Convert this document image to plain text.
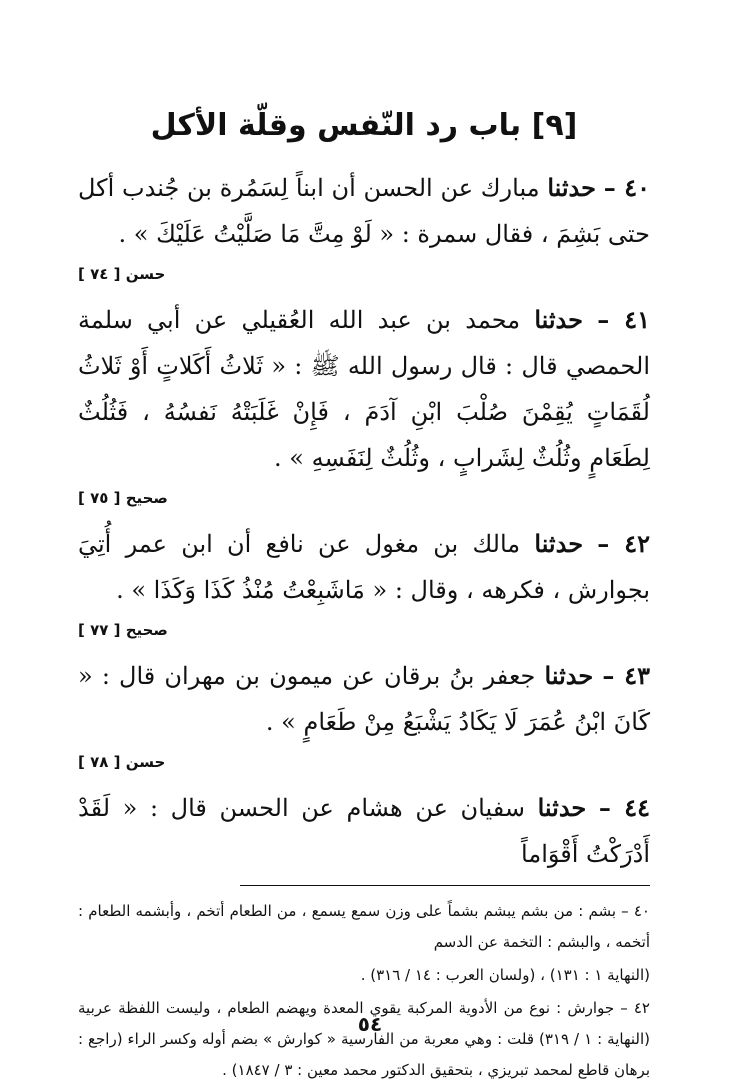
[٩] باب رد النّفس وقلّة الأكل

٤٠ – حدثنا مبارك عن الحسن أن ابناً لِسَمُرة بن جُندب أكل حتى بَشِمَ ، فقال سمرة : « لَوْ مِتَّ مَا صَلَّيْتُ عَلَيْكَ » .

حسن [ ٧٤ ]

٤١ – حدثنا محمد بن عبد الله العُقيلي عن أبي سلمة الحمصي قال : قال رسول الله ﷺ : « ثَلاثُ أَكَلاتٍ أَوْ ثَلاثُ لُقَمَاتٍ يُقِمْنَ صُلْبَ ابْنِ آدَمَ ، فَإِنْ غَلَبَتْهُ نَفسُهُ ، فَثُلُثٌ لِطَعَامٍ وثُلُثٌ لِشَرابٍ ، وثُلُثٌ لِنَفَسِهِ » .

صحيح [ ٧٥ ]

٤٢ – حدثنا مالك بن مغول عن نافع أن ابن عمر أُتِيَ بجوارش ، فكرهه ، وقال : « مَاشَبِعْتُ مُنْذُ كَذَا وَكَذَا » .

صحيح [ ٧٧ ]

٤٣ – حدثنا جعفر بنُ برقان عن ميمون بن مهران قال : « كَانَ ابْنُ عُمَرَ لَا يَكَادُ يَشْبَعُ مِنْ طَعَامٍ » .

حسن [ ٧٨ ]

٤٤ – حدثنا سفيان عن هشام عن الحسن قال : « لَقَدْ أَدْرَكْتُ أَقْوَاماً

٤٠ – بشم : من بشم يبشم بشماً على وزن سمع يسمع ، من الطعام أتخم ، وأبشمه الطعام : أتخمه ، والبشم : التخمة عن الدسم

(النهاية ١ : ١٣١) ، (ولسان العرب : ١٤ / ٣١٦) .

٤٢ – جوارش : نوع من الأدوية المركبة يقوي المعدة ويهضم الطعام ، وليست اللفظة عربية (النهاية : ١ / ٣١٩) قلت : وهي معربة من الفارسية « كوارش » بضم أوله وكسر الراء (راجع : برهان قاطع لمحمد تبريزي ، بتحقيق الدكتور محمد معين : ٣ / ١٨٤٧) .

٥٤
